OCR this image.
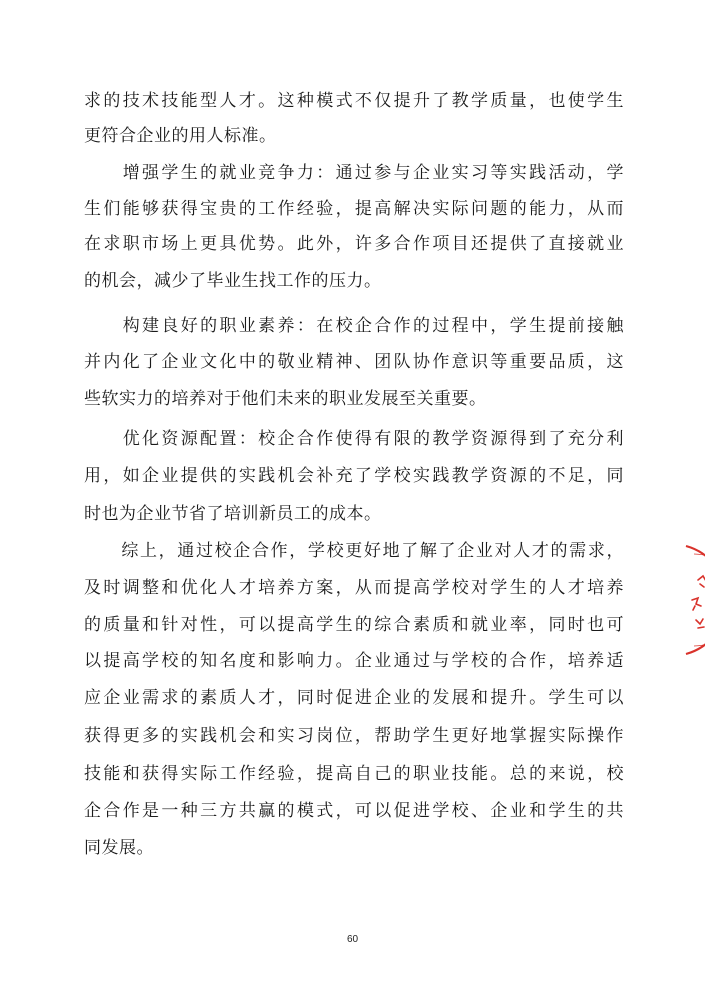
求的技术技能型人才。这种模式不仅提升了教学质量，也使学生
更符合企业的用人标准。
　　增强学生的就业竞争力：通过参与企业实习等实践活动，学
生们能够获得宝贵的工作经验，提高解决实际问题的能力，从而
在求职市场上更具优势。此外，许多合作项目还提供了直接就业
的机会，减少了毕业生找工作的压力。
　　构建良好的职业素养：在校企合作的过程中，学生提前接触
并内化了企业文化中的敬业精神、团队协作意识等重要品质，这
些软实力的培养对于他们未来的职业发展至关重要。
　　优化资源配置：校企合作使得有限的教学资源得到了充分利
用，如企业提供的实践机会补充了学校实践教学资源的不足，同
时也为企业节省了培训新员工的成本。
　　综上，通过校企合作，学校更好地了解了企业对人才的需求，
及时调整和优化人才培养方案，从而提高学校对学生的人才培养
的质量和针对性，可以提高学生的综合素质和就业率，同时也可
以提高学校的知名度和影响力。企业通过与学校的合作，培养适
应企业需求的素质人才，同时促进企业的发展和提升。学生可以
获得更多的实践机会和实习岗位，帮助学生更好地掌握实际操作
技能和获得实际工作经验，提高自己的职业技能。总的来说，校
企合作是一种三方共赢的模式，可以促进学校、企业和学生的共
同发展。
60
